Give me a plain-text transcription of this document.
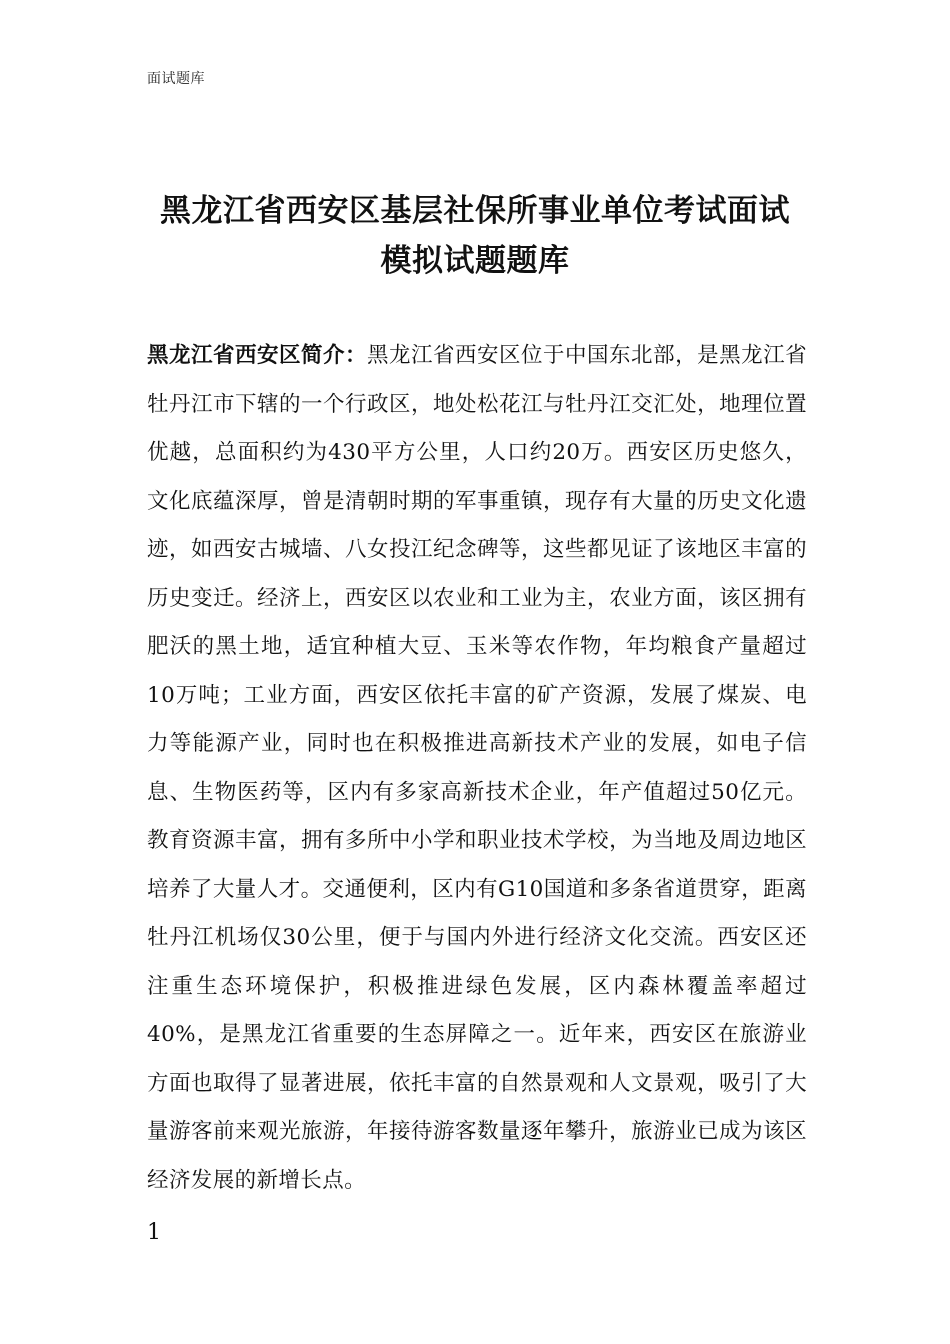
面试题库
黑龙江省西安区基层社保所事业单位考试面试
模拟试题题库
黑龙江省西安区简介：黑龙江省西安区位于中国东北部，是黑龙江省牡丹江市下辖的一个行政区，地处松花江与牡丹江交汇处，地理位置优越，总面积约为430平方公里，人口约20万。西安区历史悠久，文化底蕴深厚，曾是清朝时期的军事重镇，现存有大量的历史文化遗迹，如西安古城墙、八女投江纪念碑等，这些都见证了该地区丰富的历史变迁。经济上，西安区以农业和工业为主，农业方面，该区拥有肥沃的黑土地，适宜种植大豆、玉米等农作物，年均粮食产量超过10万吨；工业方面，西安区依托丰富的矿产资源，发展了煤炭、电力等能源产业，同时也在积极推进高新技术产业的发展，如电子信息、生物医药等，区内有多家高新技术企业，年产值超过50亿元。教育资源丰富，拥有多所中小学和职业技术学校，为当地及周边地区培养了大量人才。交通便利，区内有G10国道和多条省道贯穿，距离牡丹江机场仅30公里，便于与国内外进行经济文化交流。西安区还注重生态环境保护，积极推进绿色发展，区内森林覆盖率超过40%，是黑龙江省重要的生态屏障之一。近年来，西安区在旅游业方面也取得了显著进展，依托丰富的自然景观和人文景观，吸引了大量游客前来观光旅游，年接待游客数量逐年攀升，旅游业已成为该区经济发展的新增长点。
1
